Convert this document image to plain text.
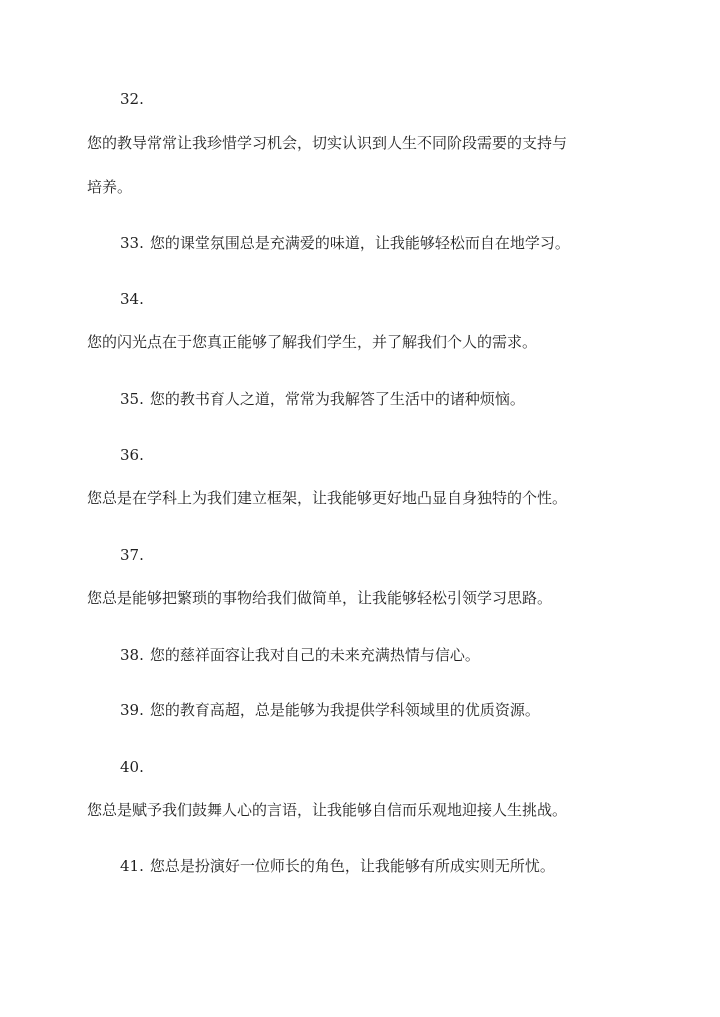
32.
您的教导常常让我珍惜学习机会，切实认识到人生不同阶段需要的支持与
培养。
33. 您的课堂氛围总是充满爱的味道，让我能够轻松而自在地学习。
34.
您的闪光点在于您真正能够了解我们学生，并了解我们个人的需求。
35. 您的教书育人之道，常常为我解答了生活中的诸种烦恼。
36.
您总是在学科上为我们建立框架，让我能够更好地凸显自身独特的个性。
37.
您总是能够把繁琐的事物给我们做简单，让我能够轻松引领学习思路。
38. 您的慈祥面容让我对自己的未来充满热情与信心。
39. 您的教育高超，总是能够为我提供学科领域里的优质资源。
40.
您总是赋予我们鼓舞人心的言语，让我能够自信而乐观地迎接人生挑战。
41. 您总是扮演好一位师长的角色，让我能够有所成实则无所忧。
